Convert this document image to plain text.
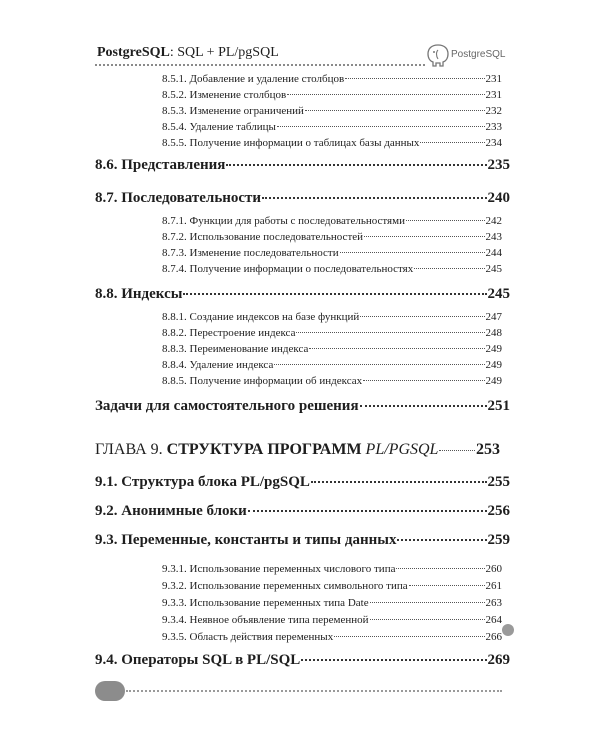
PostgreSQL: SQL + PL/pgSQL	PostgreSQL
8.5.1. Добавление и удаление столбцов	231
8.5.2. Изменение столбцов	231
8.5.3. Изменение ограничений	232
8.5.4. Удаление таблицы	233
8.5.5. Получение информации о таблицах базы данных	234
8.6. Представления	235
8.7. Последовательности	240
8.7.1. Функции для работы с последовательностями	242
8.7.2. Использование последовательностей	243
8.7.3. Изменение последовательности	244
8.7.4. Получение информации о последовательностях	245
8.8. Индексы	245
8.8.1. Создание индексов на базе функций	247
8.8.2. Перестроение индекса	248
8.8.3. Переименование индекса	249
8.8.4. Удаление индекса	249
8.8.5. Получение информации об индексах	249
Задачи для самостоятельного решения	251
ГЛАВА 9. СТРУКТУРА ПРОГРАММ PL/PGSQL 253
9.1. Структура блока PL/pgSQL	255
9.2. Анонимные блоки	256
9.3. Переменные, константы и типы данных	259
9.3.1. Использование переменных числового типа	260
9.3.2. Использование переменных символьного типа	261
9.3.3. Использование переменных типа Date	263
9.3.4. Неявное объявление типа переменной	264
9.3.5. Область действия переменных	266
9.4. Операторы SQL в PL/SQL	269
